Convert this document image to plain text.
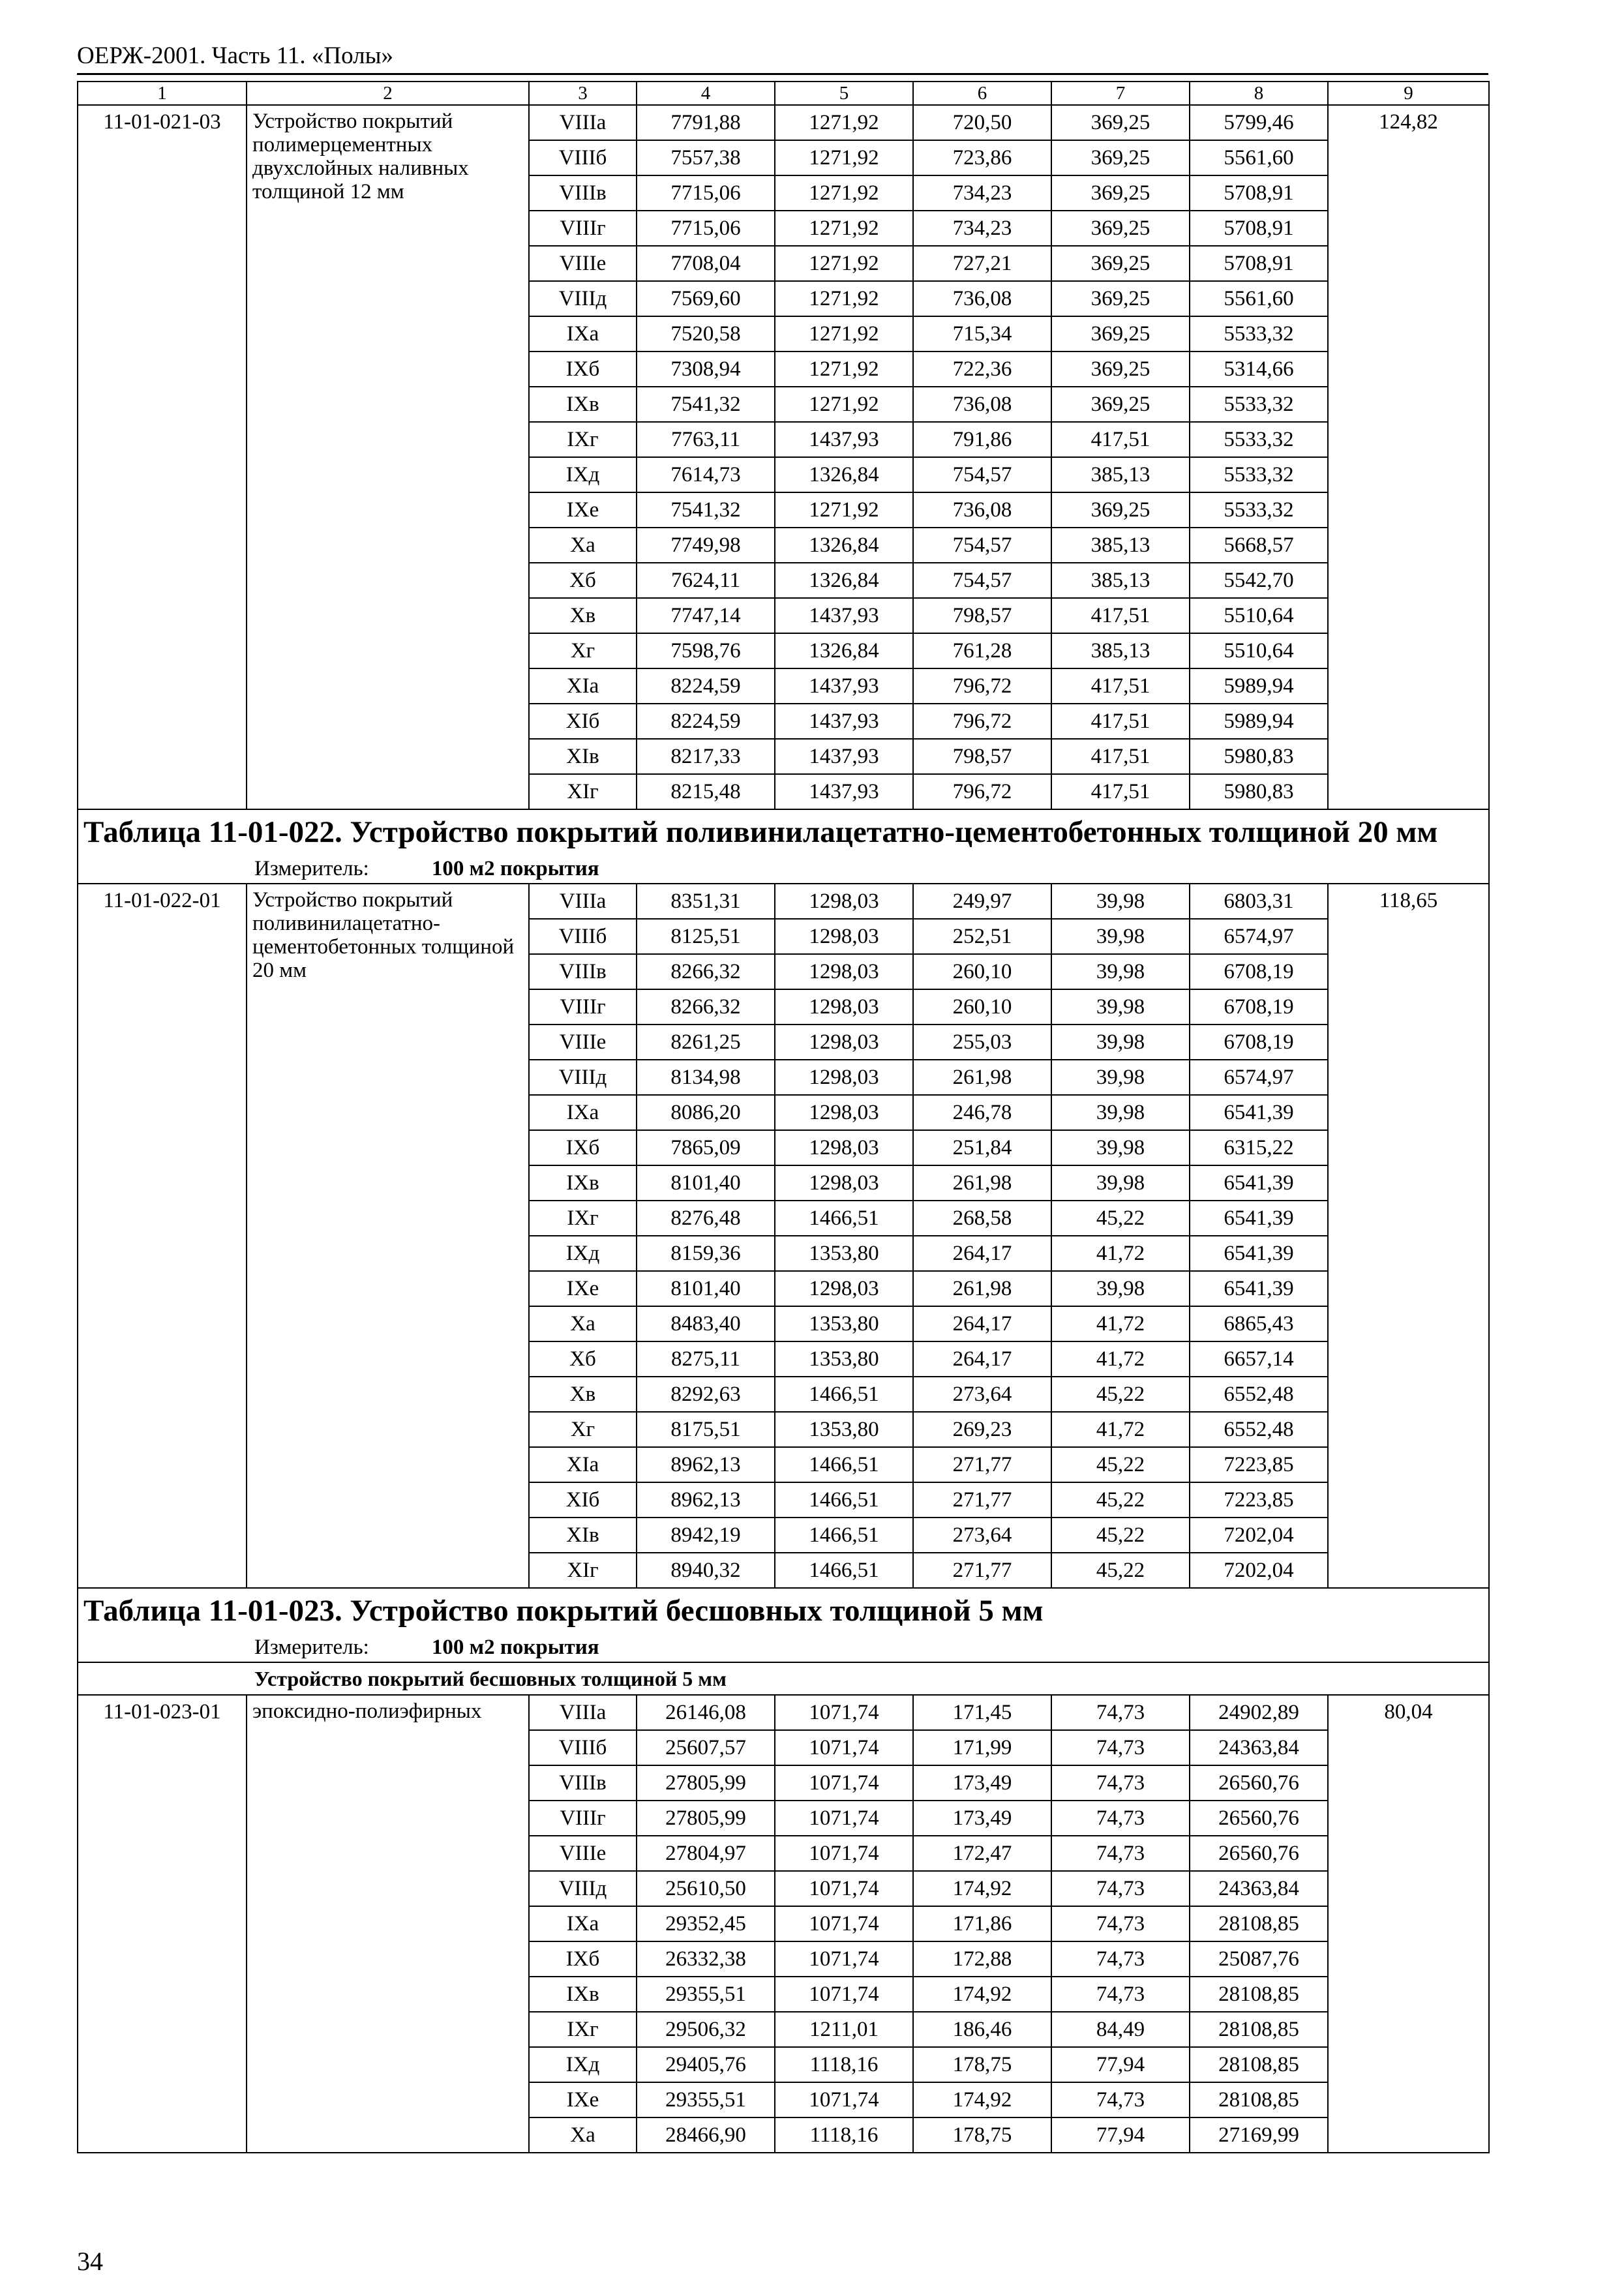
ОЕРЖ-2001. Часть 11. «Полы»
1	2	3	4	5	6	7	8	9
11-01-021-03	Устройство покрытий полимерцементных двухслойных наливных толщиной 12 мм	VIIIа	7791,88	1271,92	720,50	369,25	5799,46	124,82
		VIIIб	7557,38	1271,92	723,86	369,25	5561,60	
		VIIIв	7715,06	1271,92	734,23	369,25	5708,91	
		VIIIг	7715,06	1271,92	734,23	369,25	5708,91	
		VIIIе	7708,04	1271,92	727,21	369,25	5708,91	
		VIIIд	7569,60	1271,92	736,08	369,25	5561,60	
		IXа	7520,58	1271,92	715,34	369,25	5533,32	
		IXб	7308,94	1271,92	722,36	369,25	5314,66	
		IXв	7541,32	1271,92	736,08	369,25	5533,32	
		IXг	7763,11	1437,93	791,86	417,51	5533,32	
		IXд	7614,73	1326,84	754,57	385,13	5533,32	
		IXе	7541,32	1271,92	736,08	369,25	5533,32	
		Xа	7749,98	1326,84	754,57	385,13	5668,57	
		Xб	7624,11	1326,84	754,57	385,13	5542,70	
		Xв	7747,14	1437,93	798,57	417,51	5510,64	
		Xг	7598,76	1326,84	761,28	385,13	5510,64	
		XIа	8224,59	1437,93	796,72	417,51	5989,94	
		XIб	8224,59	1437,93	796,72	417,51	5989,94	
		XIв	8217,33	1437,93	798,57	417,51	5980,83	
		XIг	8215,48	1437,93	796,72	417,51	5980,83	
Таблица 11-01-022. Устройство покрытий поливинилацетатно-цементобетонных толщиной 20 мм								
Измеритель: 100 м2 покрытия								
11-01-022-01	Устройство покрытий поливинилацетатно-цементобетонных толщиной 20 мм	VIIIа	8351,31	1298,03	249,97	39,98	6803,31	118,65
		VIIIб	8125,51	1298,03	252,51	39,98	6574,97	
		VIIIв	8266,32	1298,03	260,10	39,98	6708,19	
		VIIIг	8266,32	1298,03	260,10	39,98	6708,19	
		VIIIе	8261,25	1298,03	255,03	39,98	6708,19	
		VIIIд	8134,98	1298,03	261,98	39,98	6574,97	
		IXа	8086,20	1298,03	246,78	39,98	6541,39	
		IXб	7865,09	1298,03	251,84	39,98	6315,22	
		IXв	8101,40	1298,03	261,98	39,98	6541,39	
		IXг	8276,48	1466,51	268,58	45,22	6541,39	
		IXд	8159,36	1353,80	264,17	41,72	6541,39	
		IXе	8101,40	1298,03	261,98	39,98	6541,39	
		Xа	8483,40	1353,80	264,17	41,72	6865,43	
		Xб	8275,11	1353,80	264,17	41,72	6657,14	
		Xв	8292,63	1466,51	273,64	45,22	6552,48	
		Xг	8175,51	1353,80	269,23	41,72	6552,48	
		XIа	8962,13	1466,51	271,77	45,22	7223,85	
		XIб	8962,13	1466,51	271,77	45,22	7223,85	
		XIв	8942,19	1466,51	273,64	45,22	7202,04	
		XIг	8940,32	1466,51	271,77	45,22	7202,04	
Таблица 11-01-023. Устройство покрытий бесшовных толщиной 5 мм								
Измеритель: 100 м2 покрытия								
Устройство покрытий бесшовных толщиной 5 мм								
11-01-023-01	эпоксидно-полиэфирных	VIIIа	26146,08	1071,74	171,45	74,73	24902,89	80,04
		VIIIб	25607,57	1071,74	171,99	74,73	24363,84	
		VIIIв	27805,99	1071,74	173,49	74,73	26560,76	
		VIIIг	27805,99	1071,74	173,49	74,73	26560,76	
		VIIIе	27804,97	1071,74	172,47	74,73	26560,76	
		VIIIд	25610,50	1071,74	174,92	74,73	24363,84	
		IXа	29352,45	1071,74	171,86	74,73	28108,85	
		IXб	26332,38	1071,74	172,88	74,73	25087,76	
		IXв	29355,51	1071,74	174,92	74,73	28108,85	
		IXг	29506,32	1211,01	186,46	84,49	28108,85	
		IXд	29405,76	1118,16	178,75	77,94	28108,85	
		IXе	29355,51	1071,74	174,92	74,73	28108,85	
		Xа	28466,90	1118,16	178,75	77,94	27169,99	
34
